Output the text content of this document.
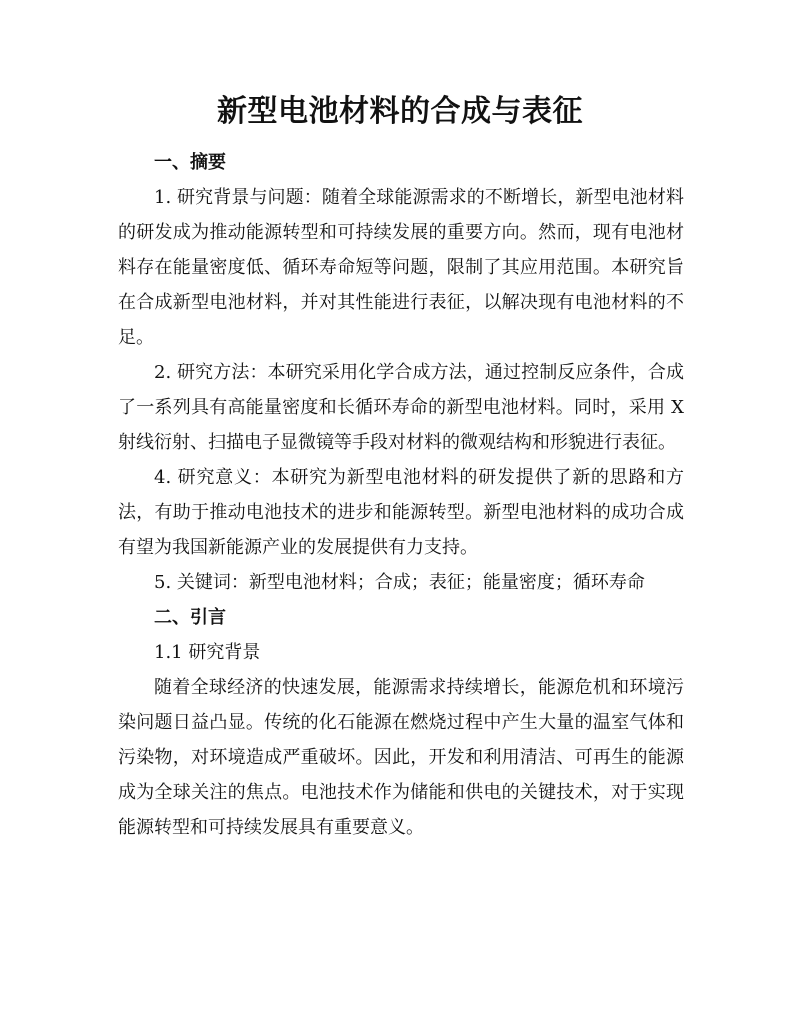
新型电池材料的合成与表征

一、摘要

1. 研究背景与问题：随着全球能源需求的不断增长，新型电池材料的研发成为推动能源转型和可持续发展的重要方向。然而，现有电池材料存在能量密度低、循环寿命短等问题，限制了其应用范围。本研究旨在合成新型电池材料，并对其性能进行表征，以解决现有电池材料的不足。

2. 研究方法：本研究采用化学合成方法，通过控制反应条件，合成了一系列具有高能量密度和长循环寿命的新型电池材料。同时，采用 X 射线衍射、扫描电子显微镜等手段对材料的微观结构和形貌进行表征。

4. 研究意义：本研究为新型电池材料的研发提供了新的思路和方法，有助于推动电池技术的进步和能源转型。新型电池材料的成功合成有望为我国新能源产业的发展提供有力支持。

5. 关键词：新型电池材料；合成；表征；能量密度；循环寿命

二、引言

1.1 研究背景

随着全球经济的快速发展，能源需求持续增长，能源危机和环境污染问题日益凸显。传统的化石能源在燃烧过程中产生大量的温室气体和污染物，对环境造成严重破坏。因此，开发和利用清洁、可再生的能源成为全球关注的焦点。电池技术作为储能和供电的关键技术，对于实现能源转型和可持续发展具有重要意义。
